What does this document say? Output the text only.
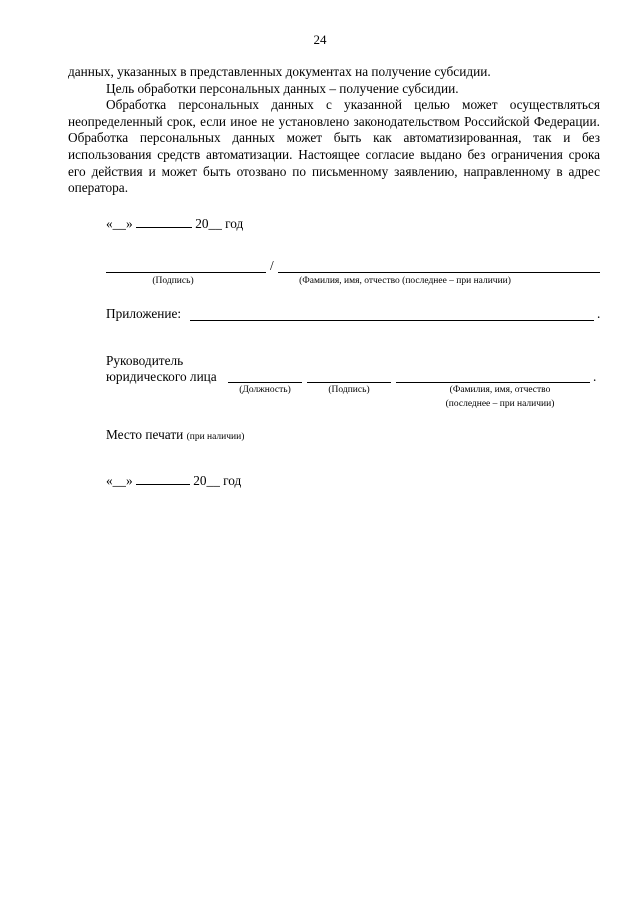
24

данных, указанных в представленных документах на получение субсидии.

Цель обработки персональных данных – получение субсидии.

Обработка персональных данных с указанной целью может осуществляться неопределенный срок, если иное не установлено законодательством Российской Федерации. Обработка персональных данных может быть как автоматизированная, так и без использования средств автоматизации. Настоящее согласие выдано без ограничения срока его действия и может быть отозвано по письменному заявлению, направленному в адрес оператора.

«__»	20__ год
/
(Подпись)	(Фамилия, имя, отчество (последнее – при наличии)
Приложение:	.
Руководитель
юридического лица	.
(Должность)	(Подпись)	(Фамилия, имя, отчество
(последнее – при наличии)
Место печати (при наличии)
«__»	20__ год
